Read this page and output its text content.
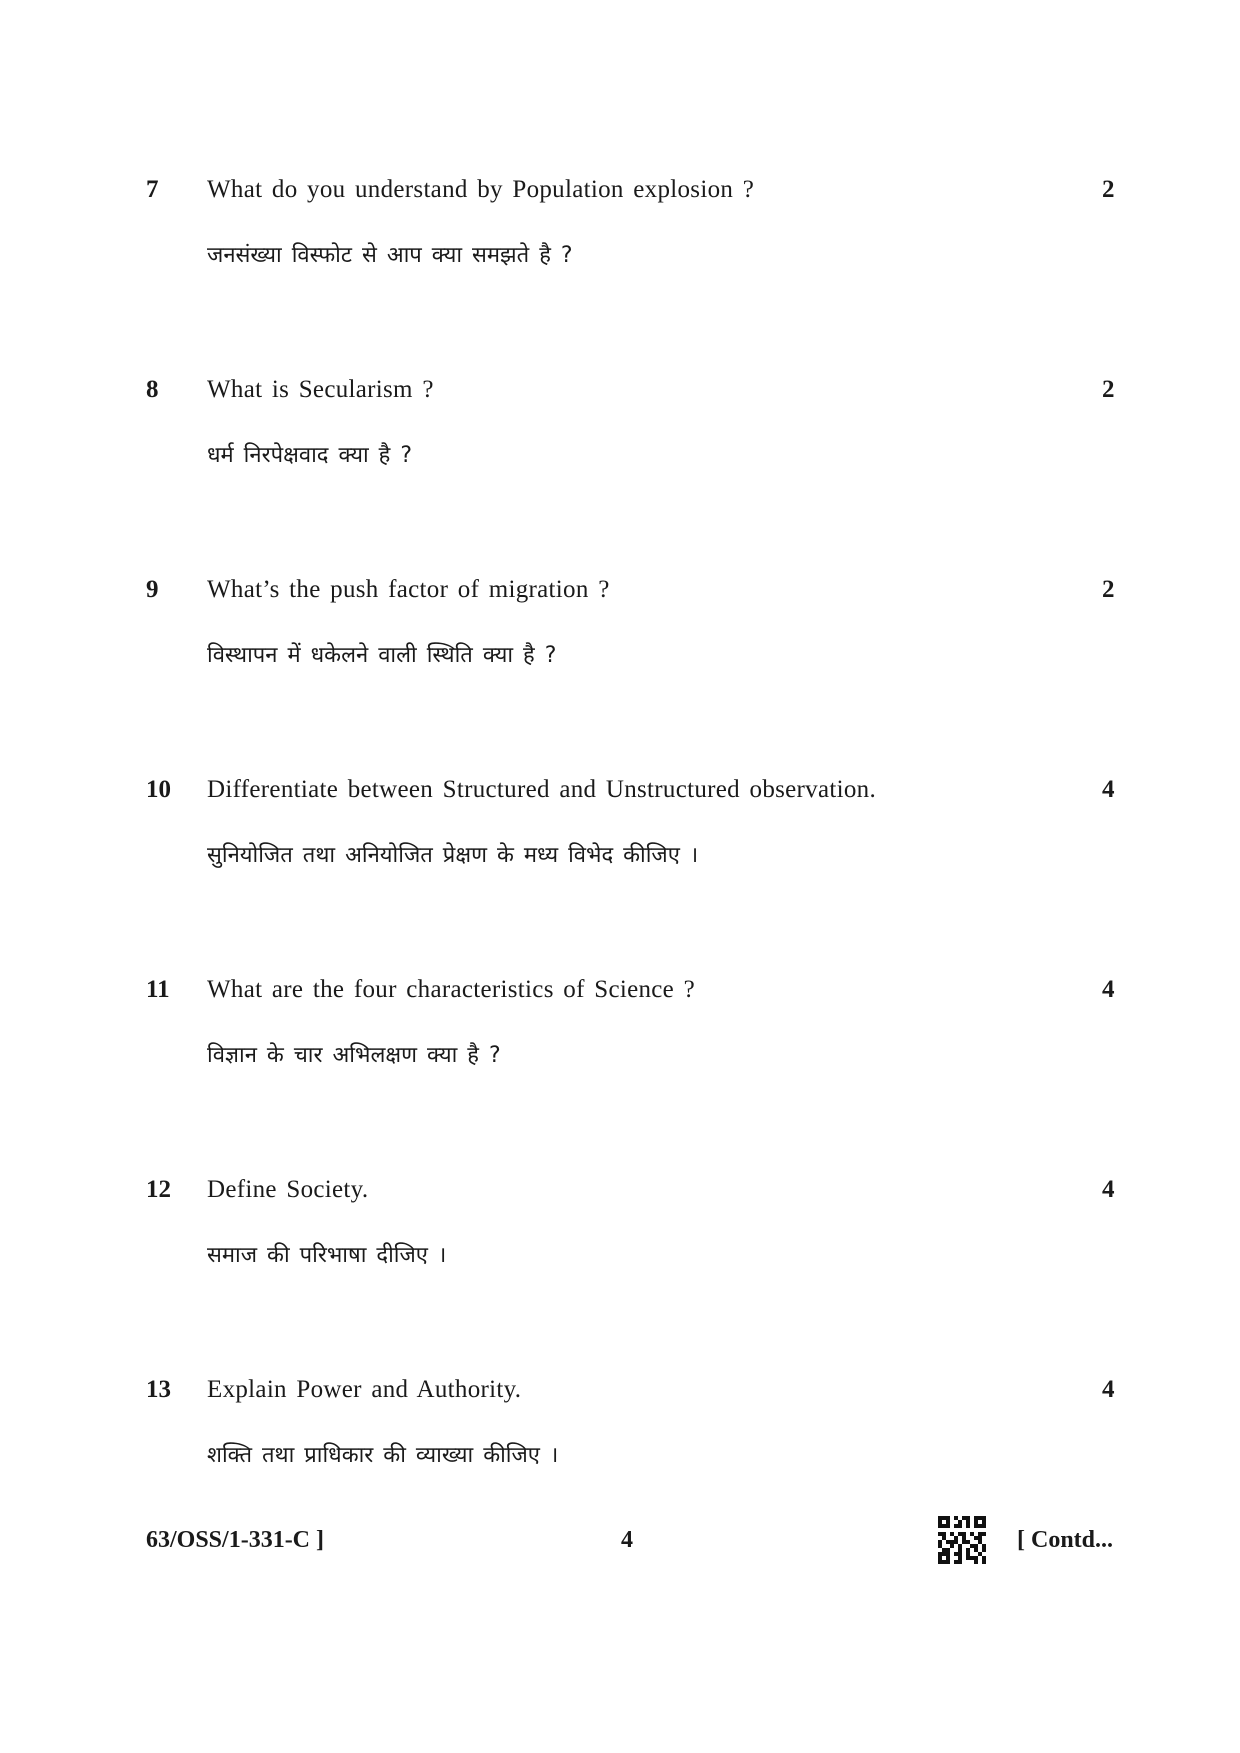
7 What do you understand by Population explosion ?
जनसंख्या विस्फोट से आप क्या समझते है ?
2
8 What is Secularism ?
धर्म निरपेक्षवाद क्या है ?
2
9 What’s the push factor of migration ?
विस्थापन में धकेलने वाली स्थिति क्या है ?
2
10 Differentiate between Structured and Unstructured observation.
सुनियोजित तथा अनियोजित प्रेक्षण के मध्य विभेद कीजिए ।
4
11 What are the four characteristics of Science ?
विज्ञान के चार अभिलक्षण क्या है ?
4
12 Define Society.
समाज की परिभाषा दीजिए ।
4
13 Explain Power and Authority.
शक्ति तथा प्राधिकार की व्याख्या कीजिए ।
4
63/OSS/1-331-C ]	4	[ Contd...
